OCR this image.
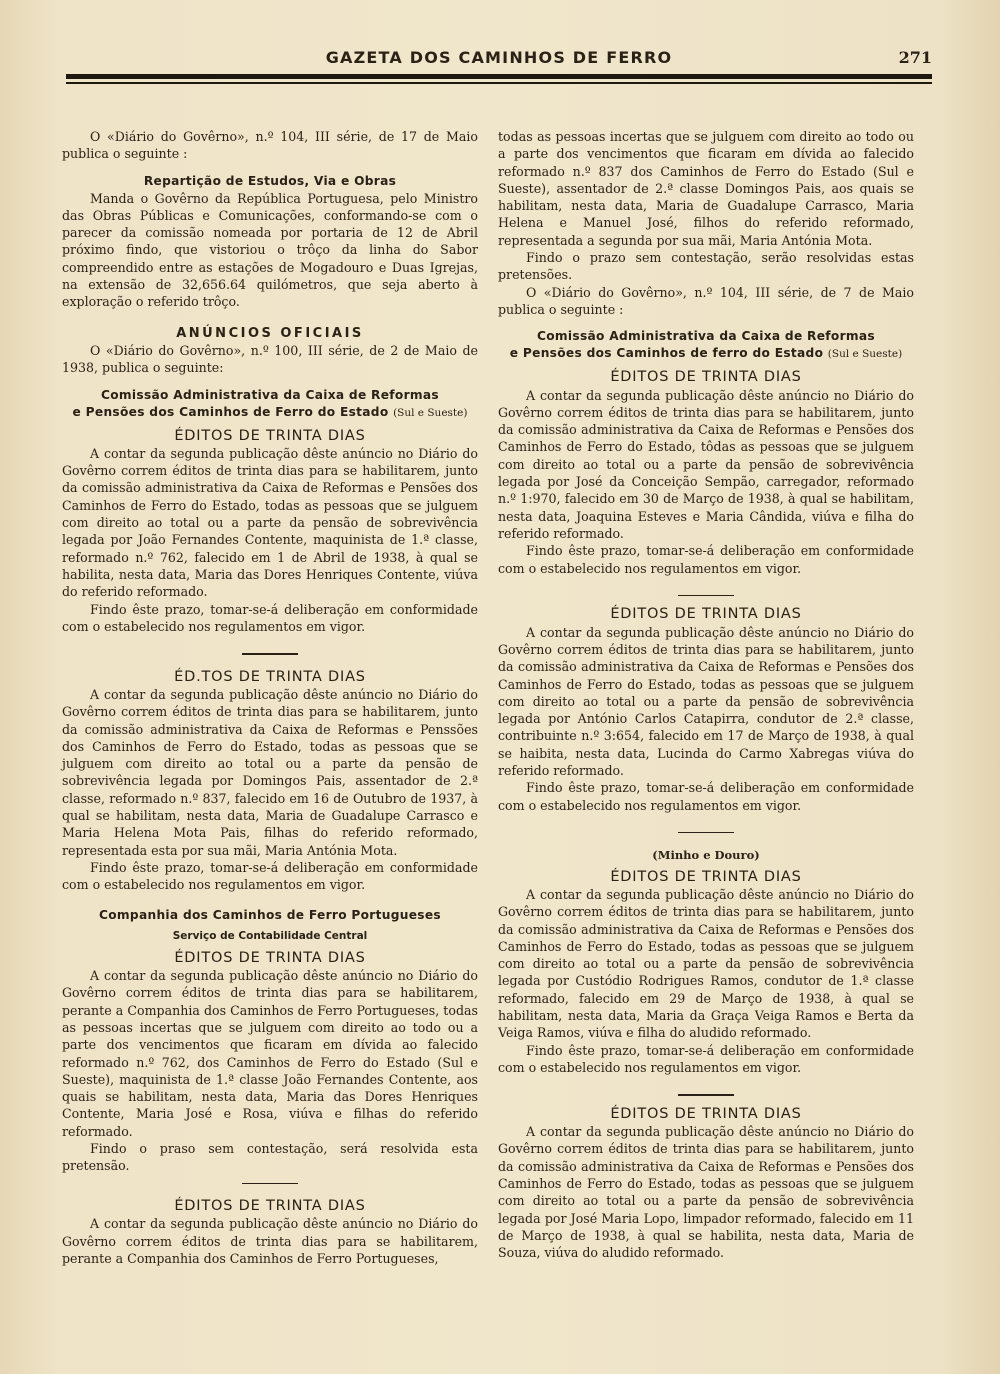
GAZETA DOS CAMINHOS DE FERRO	271

O «Diário do Govêrno», n.º 104, III série, de 17 de Maio publica o seguinte :

Repartição de Estudos, Via e Obras

Manda o Govêrno da República Portuguesa, pelo Ministro das Obras Públicas e Comunicações, conformando-se com o parecer da comissão nomeada por portaria de 12 de Abril próximo findo, que vistoriou o trôço da linha do Sabor compreendido entre as estações de Mogadouro e Duas Igrejas, na extensão de 32,656.64 quilómetros, que seja aberto à exploração o referido trôço.

ANÚNCIOS OFICIAIS

O «Diário do Govêrno», n.º 100, III série, de 2 de Maio de 1938, publica o seguinte:

Comissão Administrativa da Caixa de Reformas
e Pensões dos Caminhos de Ferro do Estado (Sul e Sueste)
ÉDITOS DE TRINTA DIAS

A contar da segunda publicação dêste anúncio no Diário do Govêrno correm éditos de trinta dias para se habilitarem, junto da comissão administrativa da Caixa de Reformas e Pensões dos Caminhos de Ferro do Estado, todas as pessoas que se julguem com direito ao total ou a parte da pensão de sobrevivência legada por João Fernandes Contente, maquinista de 1.ª classe, reformado n.º 762, falecido em 1 de Abril de 1938, à qual se habilita, nesta data, Maria das Dores Henriques Contente, viúva do referido reformado.

Findo êste prazo, tomar-se-á deliberação em conformidade com o estabelecido nos regulamentos em vigor.

ÉD.TOS DE TRINTA DIAS

A contar da segunda publicação dêste anúncio no Diário do Govêrno correm éditos de trinta dias para se habilitarem, junto da comissão administrativa da Caixa de Reformas e Penssões dos Caminhos de Ferro do Estado, todas as pessoas que se julguem com direito ao total ou a parte da pensão de sobrevivência legada por Domingos Pais, assentador de 2.ª classe, reformado n.º 837, falecido em 16 de Outubro de 1937, à qual se habilitam, nesta data, Maria de Guadalupe Carrasco e Maria Helena Mota Pais, filhas do referido reformado, representada esta por sua mãi, Maria Antónia Mota.

Findo êste prazo, tomar-se-á deliberação em conformidade com o estabelecido nos regulamentos em vigor.

Companhia dos Caminhos de Ferro Portugueses
Serviço de Contabilidade Central
ÉDITOS DE TRINTA DIAS

A contar da segunda publicação dêste anúncio no Diário do Govêrno correm éditos de trinta dias para se habilitarem, perante a Companhia dos Caminhos de Ferro Portugueses, todas as pessoas incertas que se julguem com direito ao todo ou a parte dos vencimentos que ficaram em dívida ao falecido reformado n.º 762, dos Caminhos de Ferro do Estado (Sul e Sueste), maquinista de 1.ª classe João Fernandes Contente, aos quais se habilitam, nesta data, Maria das Dores Henriques Contente, Maria José e Rosa, viúva e filhas do referido reformado.

Findo o praso sem contestação, será resolvida esta pretensão.

ÉDITOS DE TRINTA DIAS

A contar da segunda publicação dêste anúncio no Diário do Govêrno correm éditos de trinta dias para se habilitarem, perante a Companhia dos Caminhos de Ferro Portugueses,

todas as pessoas incertas que se julguem com direito ao todo ou a parte dos vencimentos que ficaram em dívida ao falecido reformado n.º 837 dos Caminhos de Ferro do Estado (Sul e Sueste), assentador de 2.ª classe Domingos Pais, aos quais se habilitam, nesta data, Maria de Guadalupe Carrasco, Maria Helena e Manuel José, filhos do referido reformado, representada a segunda por sua mãi, Maria Antónia Mota.

Findo o prazo sem contestação, serão resolvidas estas pretensões.

O «Diário do Govêrno», n.º 104, III série, de 7 de Maio publica o seguinte :

Comissão Administrativa da Caixa de Reformas
e Pensões dos Caminhos de ferro do Estado (Sul e Sueste)
ÉDITOS DE TRINTA DIAS

A contar da segunda publicação dêste anúncio no Diário do Govêrno correm éditos de trinta dias para se habilitarem, junto da comissão administrativa da Caixa de Reformas e Pensões dos Caminhos de Ferro do Estado, tôdas as pessoas que se julguem com direito ao total ou a parte da pensão de sobrevivência legada por José da Conceição Sempão, carregador, reformado n.º 1:970, falecido em 30 de Março de 1938, à qual se habilitam, nesta data, Joaquina Esteves e Maria Cândida, viúva e filha do referido reformado.

Findo êste prazo, tomar-se-á deliberação em conformidade com o estabelecido nos regulamentos em vigor.

ÉDITOS DE TRINTA DIAS

A contar da segunda publicação dêste anúncio no Diário do Govêrno correm éditos de trinta dias para se habilitarem, junto da comissão administrativa da Caixa de Reformas e Pensões dos Caminhos de Ferro do Estado, todas as pessoas que se julguem com direito ao total ou a parte da pensão de sobrevivência legada por António Carlos Catapirra, condutor de 2.ª classe, contribuinte n.º 3:654, falecido em 17 de Março de 1938, à qual se haibita, nesta data, Lucinda do Carmo Xabregas viúva do referido reformado.

Findo êste prazo, tomar-se-á deliberação em conformidade com o estabelecido nos regulamentos em vigor.

(Minho e Douro)
ÉDITOS DE TRINTA DIAS

A contar da segunda publicação dêste anúncio no Diário do Govêrno correm éditos de trinta dias para se habilitarem, junto da comissão administrativa da Caixa de Reformas e Pensões dos Caminhos de Ferro do Estado, todas as pessoas que se julguem com direito ao total ou a parte da pensão de sobrevivência legada por Custódio Rodrigues Ramos, condutor de 1.ª classe reformado, falecido em 29 de Março de 1938, à qual se habilitam, nesta data, Maria da Graça Veiga Ramos e Berta da Veiga Ramos, viúva e filha do aludido reformado.

Findo êste prazo, tomar-se-á deliberação em conformidade com o estabelecido nos regulamentos em vigor.

ÉDITOS DE TRINTA DIAS

A contar da segunda publicação dêste anúncio no Diário do Govêrno correm éditos de trinta dias para se habilitarem, junto da comissão administrativa da Caixa de Reformas e Pensões dos Caminhos de Ferro do Estado, todas as pessoas que se julguem com direito ao total ou a parte da pensão de sobrevivência legada por José Maria Lopo, limpador reformado, falecido em 11 de Março de 1938, à qual se habilita, nesta data, Maria de Souza, viúva do aludido reformado.
